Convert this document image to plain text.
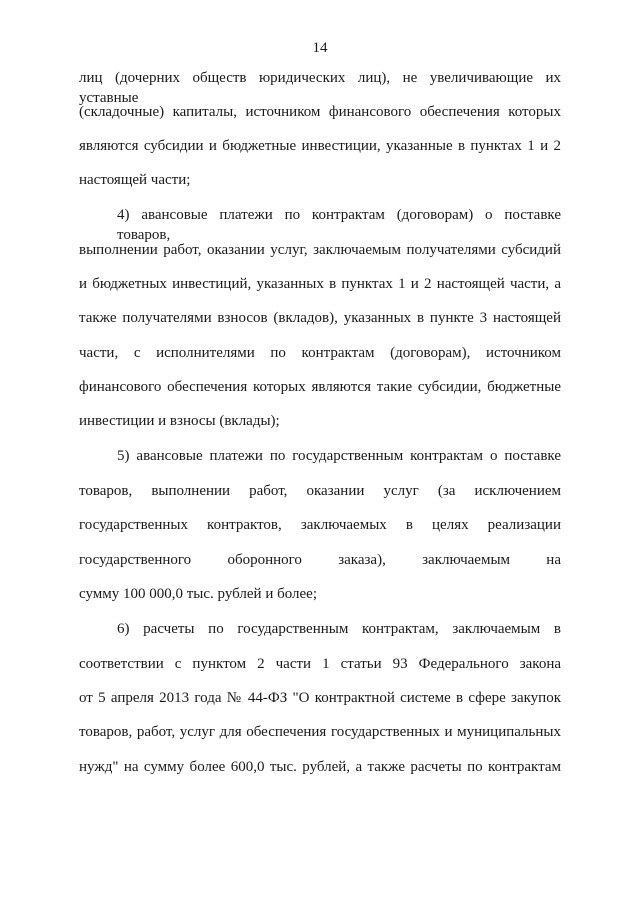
14
лиц (дочерних обществ юридических лиц), не увеличивающие их уставные
(складочные) капиталы, источником финансового обеспечения которых
являются субсидии и бюджетные инвестиции, указанные в пунктах 1 и 2
настоящей части;
4) авансовые платежи по контрактам (договорам) о поставке товаров,
выполнении работ, оказании услуг, заключаемым получателями субсидий
и бюджетных инвестиций, указанных в пунктах 1 и 2 настоящей части, а
также получателями взносов (вкладов), указанных в пункте 3 настоящей
части, с исполнителями по контрактам (договорам), источником
финансового обеспечения которых являются такие субсидии, бюджетные
инвестиции и взносы (вклады);
5) авансовые платежи по государственным контрактам о поставке
товаров, выполнении работ, оказании услуг (за исключением
государственных контрактов, заключаемых в целях реализации
государственного оборонного заказа), заключаемым на
сумму 100 000,0 тыс. рублей и более;
6) расчеты по государственным контрактам, заключаемым в
соответствии с пунктом 2 части 1 статьи 93 Федерального закона
от 5 апреля 2013 года № 44-ФЗ "О контрактной системе в сфере закупок
товаров, работ, услуг для обеспечения государственных и муниципальных
нужд" на сумму более 600,0 тыс. рублей, а также расчеты по контрактам
